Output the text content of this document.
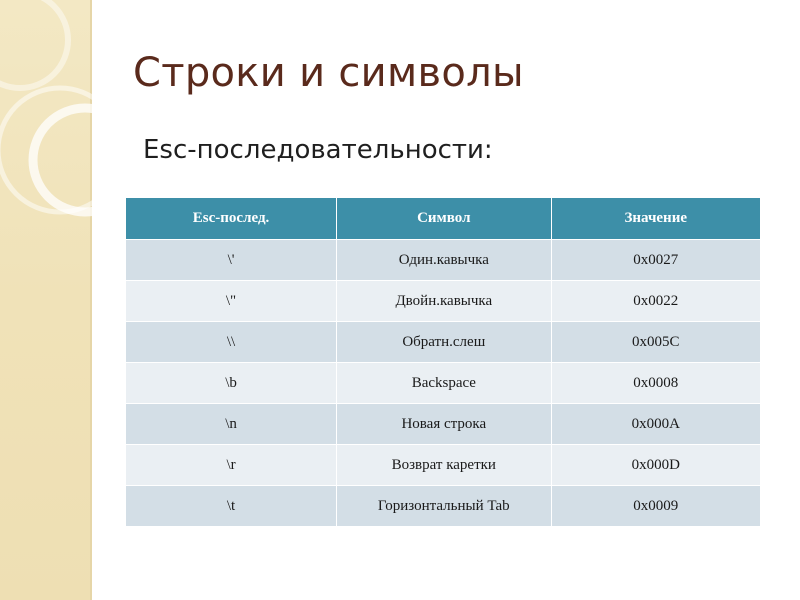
Строки и символы
Esc-последовательности:
Esc-послед.	Символ	Значение
\'	Один.кавычка	0x0027
\"	Двойн.кавычка	0x0022
\\	Обратн.слеш	0x005C
\b	Backspace	0x0008
\n	Новая строка	0x000A
\r	Возврат каретки	0x000D
\t	Горизонтальный Tab	0x0009
